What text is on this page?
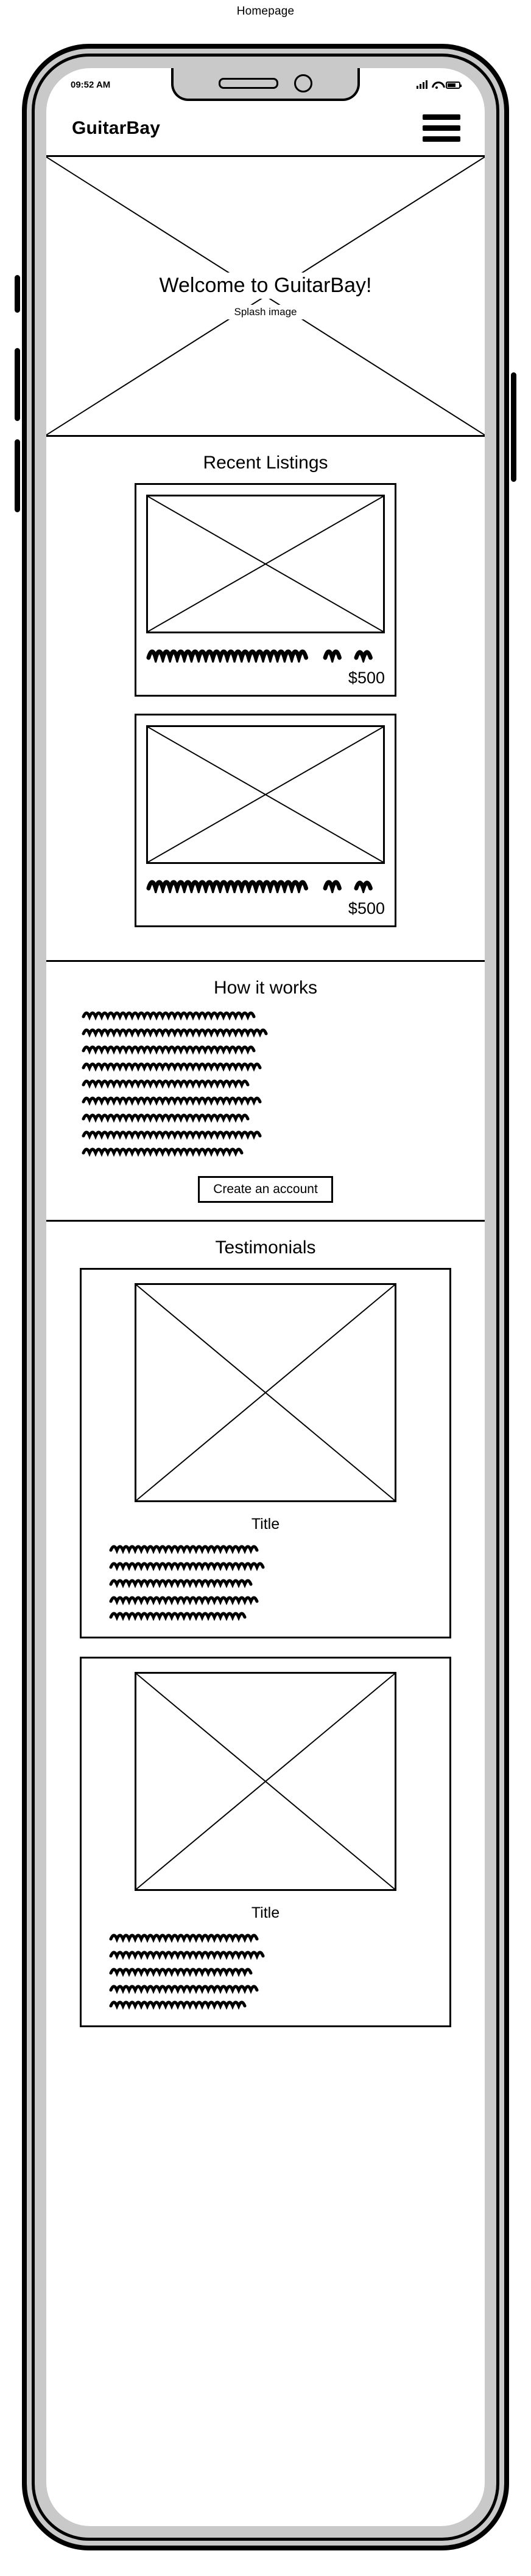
Homepage
09:52 AM
GuitarBay
Welcome to GuitarBay!
Splash image
Recent Listings
$500
$500
How it works
Create an account
Testimonials
Title
Title
